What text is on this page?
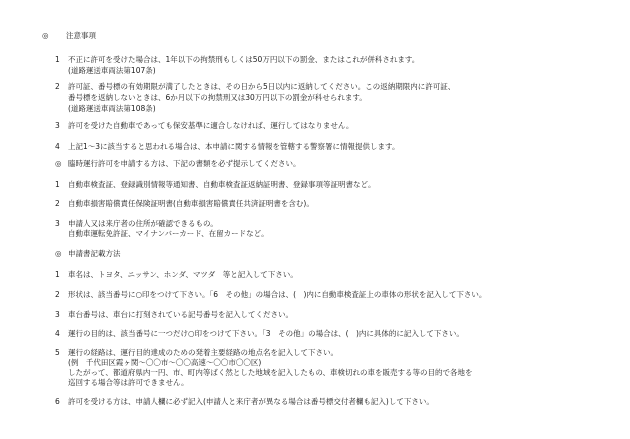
◎ 注意事項
1 不正に許可を受けた場合は、1年以下の拘禁刑もしくは50万円以下の罰金、またはこれが併科されます。
(道路運送車両法第107条)
2 許可証、番号標の有効期限が満了したときは、その日から5日以内に返納してください。この返納期限内に許可証、
番号標を返納しないときは、6か月以下の拘禁刑又は30万円以下の罰金が科せられます。
(道路運送車両法第108条)
3 許可を受けた自動車であっても保安基準に適合しなければ、運行してはなりません。
4 上記1～3に該当すると思われる場合は、本申請に関する情報を管轄する警察署に情報提供します。
◎ 臨時運行許可を申請する方は、下記の書類を必ず提示してください。
1 自動車検査証、登録識別情報等通知書、自動車検査証返納証明書、登録事項等証明書など。
2 自動車損害賠償責任保険証明書(自動車損害賠償責任共済証明書を含む)。
3 申請人又は来庁者の住所が確認できるもの。
自動車運転免許証、マイナンバーカード、在留カードなど。
◎ 申請書記載方法
1 車名は、トヨタ、ニッサン、ホンダ、マツダ　等と記入して下さい。
2 形状は、該当番号に○印をつけて下さい。「6　その他」の場合は、(　)内に自動車検査証上の車体の形状を記入して下さい。
3 車台番号は、車台に打刻されている記号番号を記入してください。
4 運行の目的は、該当番号に一つだけ○印をつけて下さい。「3　その他」の場合は、(　)内に具体的に記入して下さい。
5 運行の経路は、運行目的達成のための発着主要経路の地点名を記入して下さい。
(例　千代田区霞ヶ関～〇〇市～〇〇高速～〇〇市〇〇区)
したがって、都道府県内一円、市、町内等ばく然とした地域を記入したもの、車検切れの車を販売する等の目的で各地を
巡回する場合等は許可できません。
6 許可を受ける方は、申請人欄に必ず記入(申請人と来庁者が異なる場合は番号標交付者欄も記入)して下さい。
